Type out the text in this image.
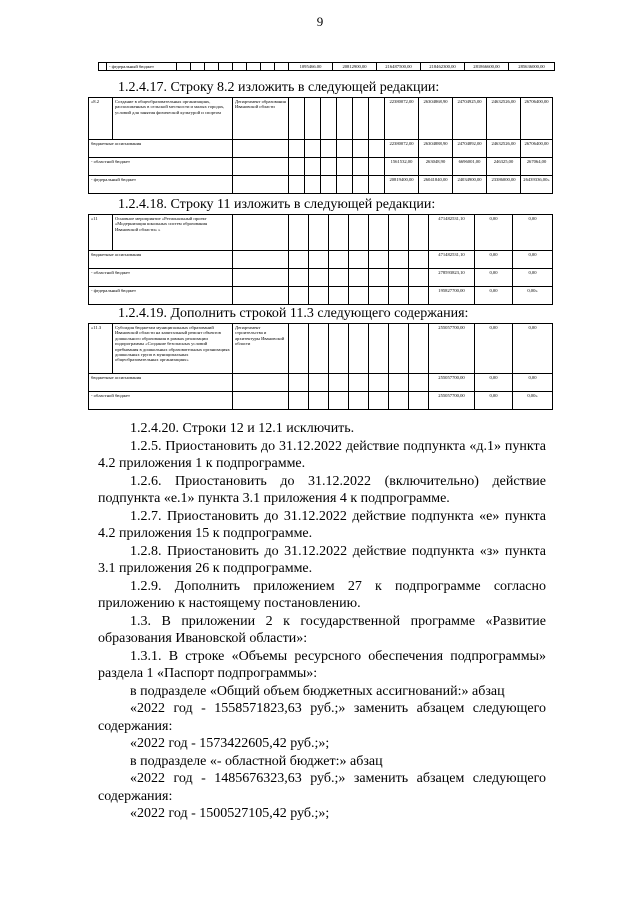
9
	- федеральный бюджет									1095466.00	20812900,00	216487500,00	218462300,00	281866600,00	285636000,00
1.2.4.17. Строку 8.2 изложить в следующей редакции:
«8.2	Создание в общеобразовательных организациях, расположенных в сельской местности и малых городах, условий для занятия физической культурой и спортом	Департамент образования Ивановской области							22380072,00	26304868,90	24704925,00	24632526,00	26706400,00
бюджетные ассигнования									22380072,00	26304888,90	24704892,00	24632526,00	26706400,00
- областной бюджет									1561532,00	263048,90	6696001,00	246325,00	267064,00
- федеральный бюджет									20819400,00	26041840,00	24034900,00	23386000,00	26439336,00»
1.2.4.18. Строку 11 изложить в следующей редакции:
«11	Основное мероприятие «Региональный проект «Модернизация школьных систем образования Ивановской области» »									471482531,10	0,00	0,00
бюджетные ассигнования										471482531,10	0,00	0,00
- областной бюджет										278593823,10	0,00	0,00
- федеральный бюджет										195827700,00	0,00	0,00»
1.2.4.19. Дополнить строкой 11.3 следующего содержания:
«11.3	Субсидия бюджетам муниципальных образований Ивановской области на капитальный ремонт объектов дошкольного образования в рамках реализации подпрограммы «Создание безопасных условий пребывания в дошкольных образовательных организациях дошкольных групп в муниципальных общеобразовательных организациях»	Департамент строительства и архитектуры Ивановской области								255057700,00	0,00	0,00
бюджетные ассигнования										255057700,00	0,00	0,00
- областной бюджет										255057700,00	0,00	0,00»

1.2.4.20. Строки 12 и 12.1 исключить.

1.2.5. Приостановить до 31.12.2022 действие подпункта «д.1» пункта 4.2 приложения 1 к подпрограмме.

1.2.6. Приостановить до 31.12.2022 (включительно) действие подпункта «е.1» пункта 3.1 приложения 4 к подпрограмме.

1.2.7. Приостановить до 31.12.2022 действие подпункта «е» пункта 4.2 приложения 15 к подпрограмме.

1.2.8. Приостановить до 31.12.2022 действие подпункта «з» пункта 3.1 приложения 26 к подпрограмме.

1.2.9. Дополнить приложением 27 к подпрограмме согласно приложению к настоящему постановлению.

1.3. В приложении 2 к государственной программе «Развитие образования Ивановской области»:

1.3.1. В строке «Объемы ресурсного обеспечения подпрограммы» раздела 1 «Паспорт подпрограммы»:

в подразделе «Общий объем бюджетных ассигнований:» абзац

«2022 год - 1558571823,63 руб.;» заменить абзацем следующего содержания:

«2022 год - 1573422605,42 руб.;»;

в подразделе «- областной бюджет:» абзац

«2022 год - 1485676323,63 руб.;» заменить абзацем следующего содержания:

«2022 год - 1500527105,42 руб.;»;
